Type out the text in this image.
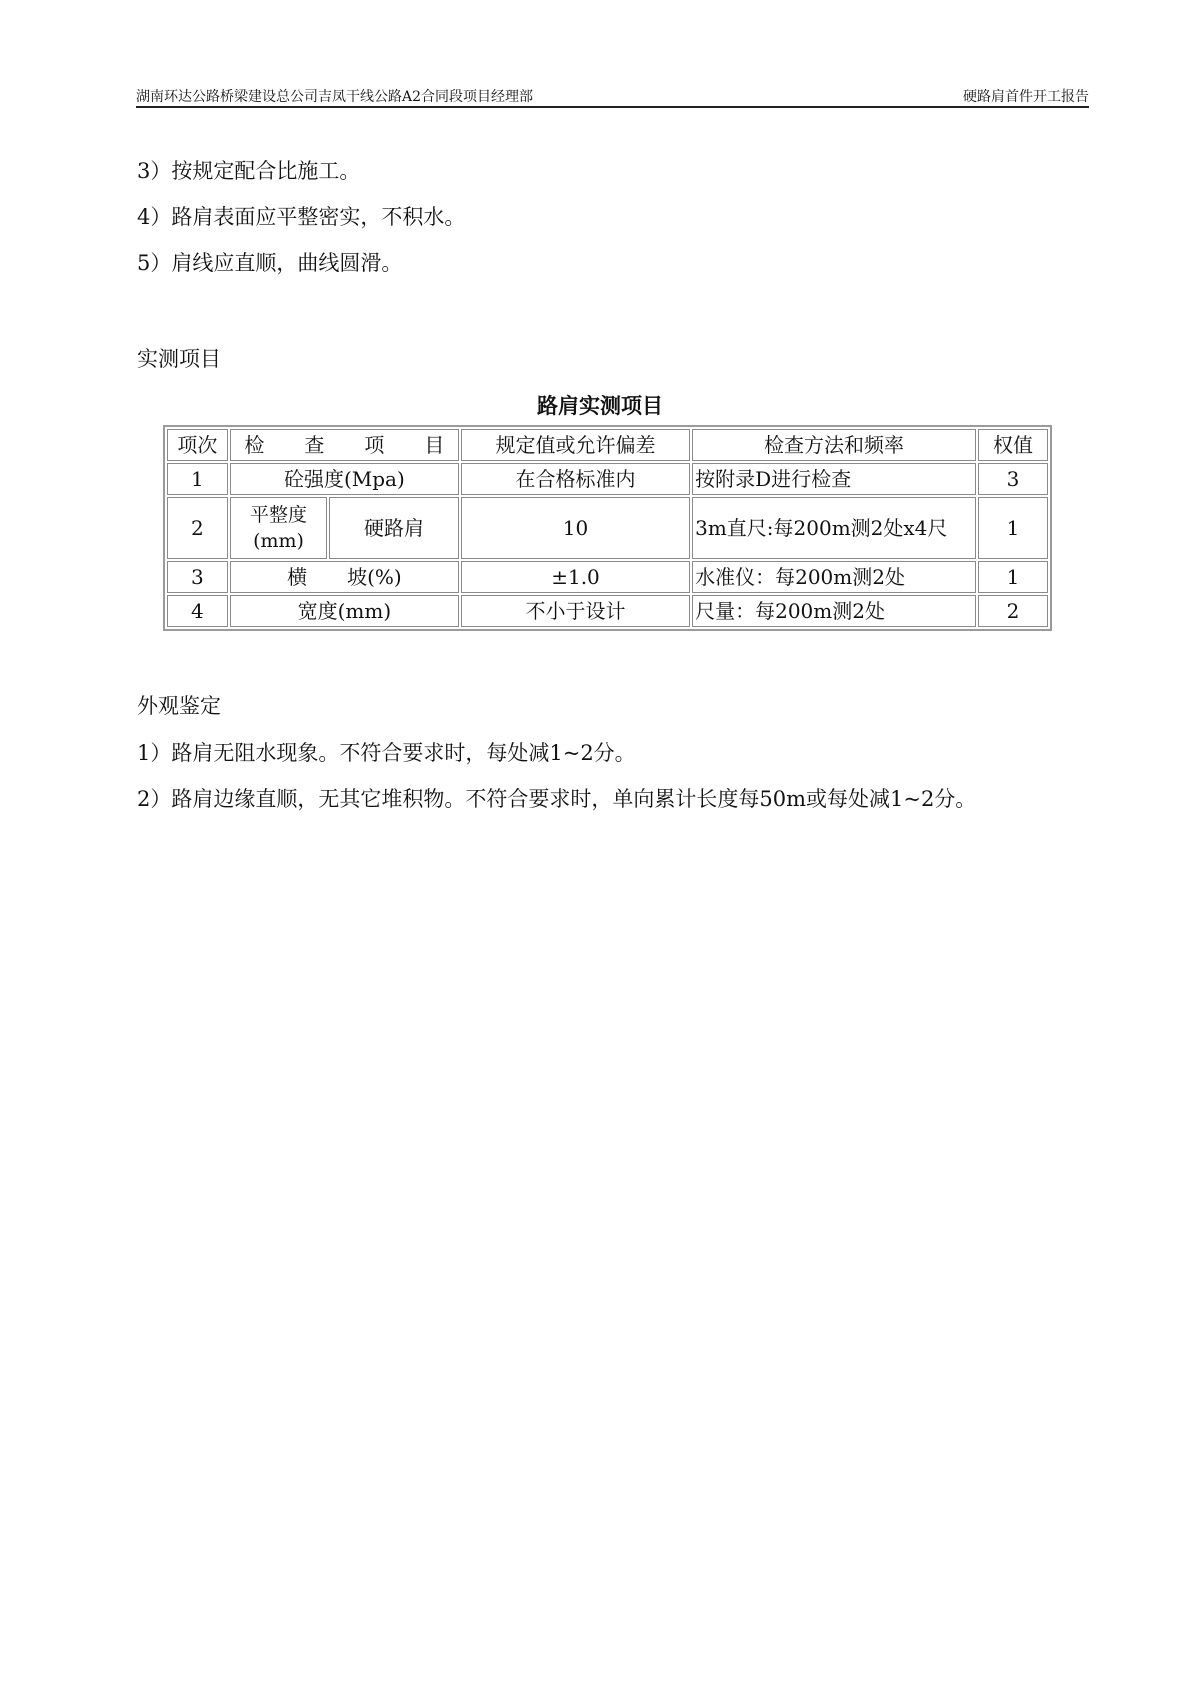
湖南环达公路桥梁建设总公司吉凤干线公路A2合同段项目经理部	硬路肩首件开工报告
3）按规定配合比施工。
4）路肩表面应平整密实，不积水。
5）肩线应直顺，曲线圆滑。
实测项目
路肩实测项目
项次	检　　查　　项　　目		规定值或允许偏差	检查方法和频率	权值
1	砼强度(Mpa)		在合格标准内	按附录D进行检查	3
2	平整度(mm)	硬路肩	10	3m直尺:每200m测2处x4尺	1
3	横　　坡(%)		±1.0	水准仪：每200m测2处	1
4	宽度(mm)		不小于设计	尺量：每200m测2处	2
外观鉴定
1）路肩无阻水现象。不符合要求时，每处减1~2分。
2）路肩边缘直顺，无其它堆积物。不符合要求时，单向累计长度每50m或每处减1~2分。
